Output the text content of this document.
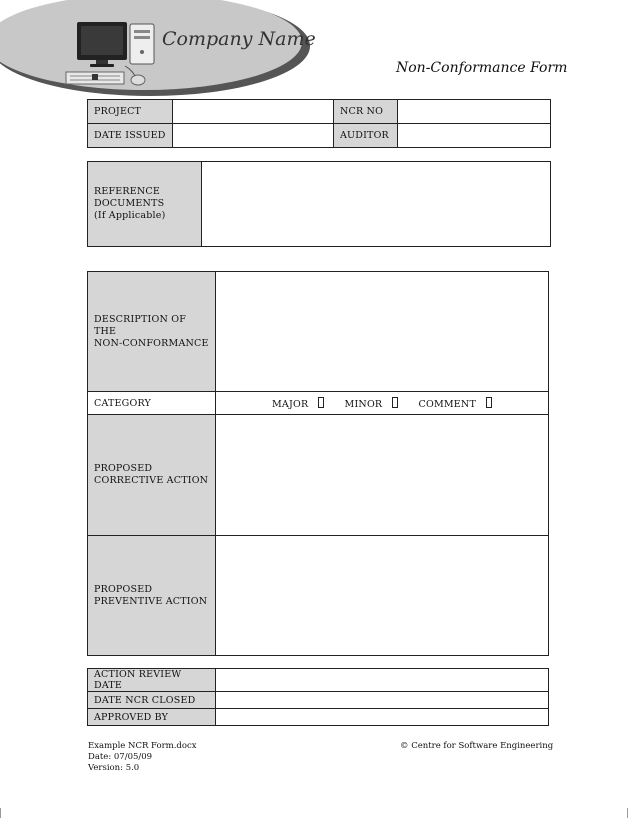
Company Name
Non-Conformance Form
PROJECT		NCR NO	
DATE ISSUED		AUDITOR	
REFERENCE
DOCUMENTS
(If Applicable)

DESCRIPTION OF THE
NON-CONFORMANCE	

CATEGORY	MAJOR MINOR COMMENT

PROPOSED
CORRECTIVE ACTION	

PROPOSED
PREVENTIVE ACTION	

ACTION REVIEW DATE	
DATE NCR CLOSED	
APPROVED BY	
Example NCR Form.docx
Date: 07/05/09
Version: 5.0
© Centre for Software Engineering
